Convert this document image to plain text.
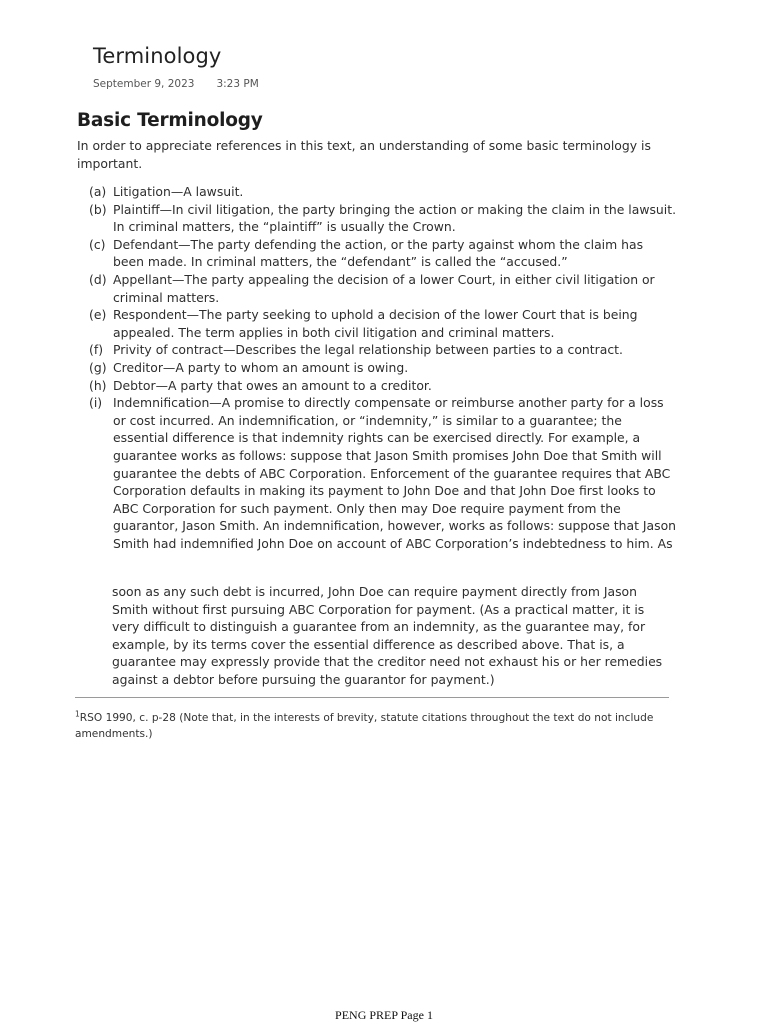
Terminology
September 9, 2023 3:23 PM
Basic Terminology

In order to appreciate references in this text, an understanding of some basic terminology is important.

(a) Litigation—A lawsuit.
(b) Plaintiff—In civil litigation, the party bringing the action or making the claim in the lawsuit. In criminal matters, the “plaintiff” is usually the Crown.
(c) Defendant—The party defending the action, or the party against whom the claim has been made. In criminal matters, the “defendant” is called the “accused.”
(d) Appellant—The party appealing the decision of a lower Court, in either civil litigation or criminal matters.
(e) Respondent—The party seeking to uphold a decision of the lower Court that is being appealed. The term applies in both civil litigation and criminal matters.
(f) Privity of contract—Describes the legal relationship between parties to a contract.
(g) Creditor—A party to whom an amount is owing.
(h) Debtor—A party that owes an amount to a creditor.
(i) Indemnification—A promise to directly compensate or reimburse another party for a loss or cost incurred. An indemnification, or “indemnity,” is similar to a guarantee; the essential difference is that indemnity rights can be exercised directly. For example, a guarantee works as follows: suppose that Jason Smith promises John Doe that Smith will guarantee the debts of ABC Corporation. Enforcement of the guarantee requires that ABC Corporation defaults in making its payment to John Doe and that John Doe first looks to ABC Corporation for such payment. Only then may Doe require payment from the guarantor, Jason Smith. An indemnification, however, works as follows: suppose that Jason Smith had indemnified John Doe on account of ABC Corporation’s indebtedness to him. As
soon as any such debt is incurred, John Doe can require payment directly from Jason Smith without first pursuing ABC Corporation for payment. (As a practical matter, it is very difficult to distinguish a guarantee from an indemnity, as the guarantee may, for example, by its terms cover the essential difference as described above. That is, a guarantee may expressly provide that the creditor need not exhaust his or her remedies against a debtor before pursuing the guarantor for payment.)
$^1$RSO 1990, c. p-28 (Note that, in the interests of brevity, statute citations throughout the text do not include amendments.)
PENG PREP Page 1
